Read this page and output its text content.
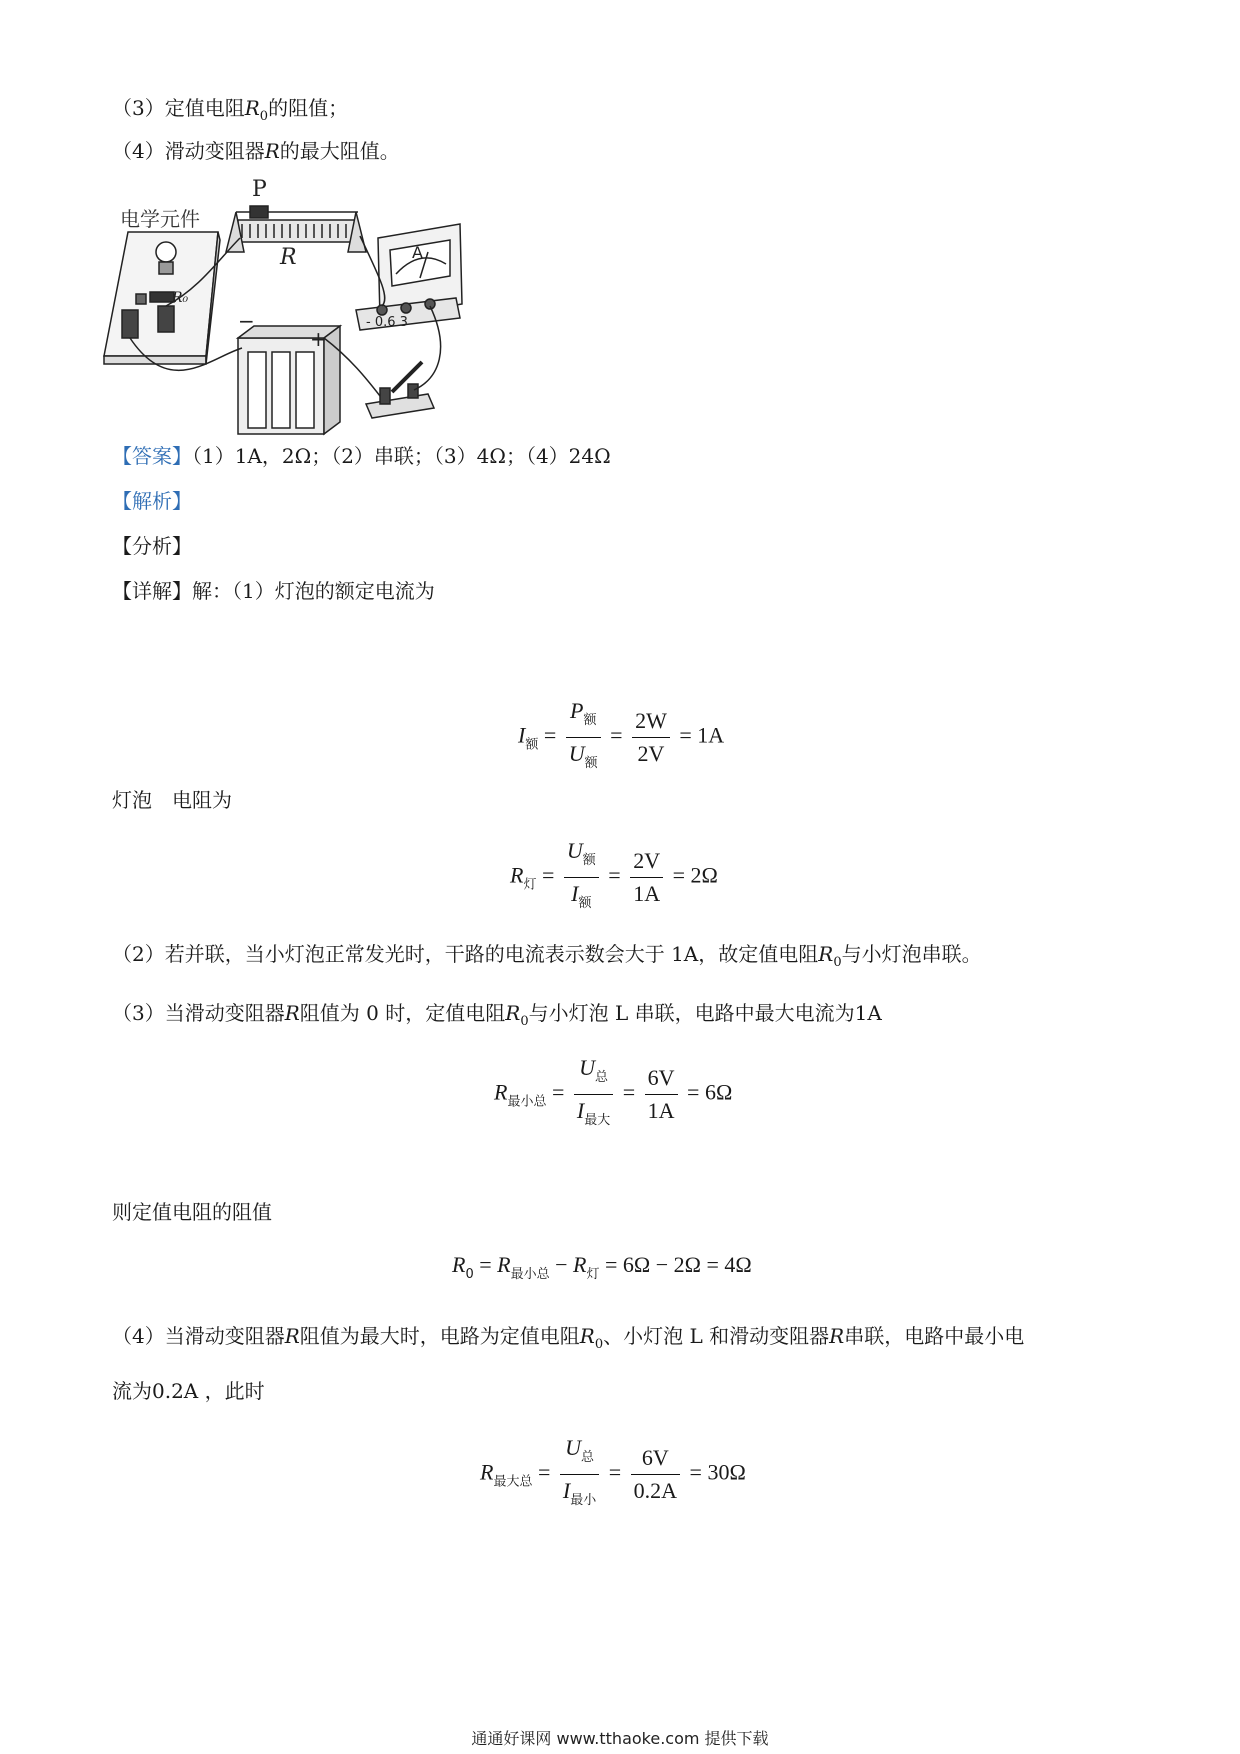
（3）定值电阻$R_0$的阻值；
（4）滑动变阻器R的最大阻值。
电学元件
P
R
R₀
A
- 0.6 3
−
+
【答案】（1）1A，2Ω；（2）串联；（3）4Ω；（4）24Ω
【解析】
【分析】
【详解】解：（1）灯泡的额定电流为
$I_额 = \frac{P_额}{U_额} = \frac{2W}{2V} = 1A$
灯泡　电阻为
$R_灯 = \frac{U_额}{I_额} = \frac{2V}{1A} = 2\Omega$
（2）若并联，当小灯泡正常发光时，干路的电流表示数会大于 1A，故定值电阻$R_0$与小灯泡串联。
（3）当滑动变阻器R阻值为 0 时，定值电阻$R_0$与小灯泡 L 串联，电路中最大电流为1A
$R_{最小总} = \frac{U_总}{I_{最大}} = \frac{6V}{1A} = 6\Omega$
则定值电阻的阻值
$R_0 = R_{最小总} - R_灯 = 6\Omega - 2\Omega = 4\Omega$
（4）当滑动变阻器R阻值为最大时，电路为定值电阻$R_0$、小灯泡 L 和滑动变阻器R串联，电路中最小电
流为0.2A ，此时
$R_{最大总} = \frac{U_总}{I_{最小}} = \frac{6V}{0.2A} = 30\Omega$
通通好课网 www.tthaoke.com 提供下载
